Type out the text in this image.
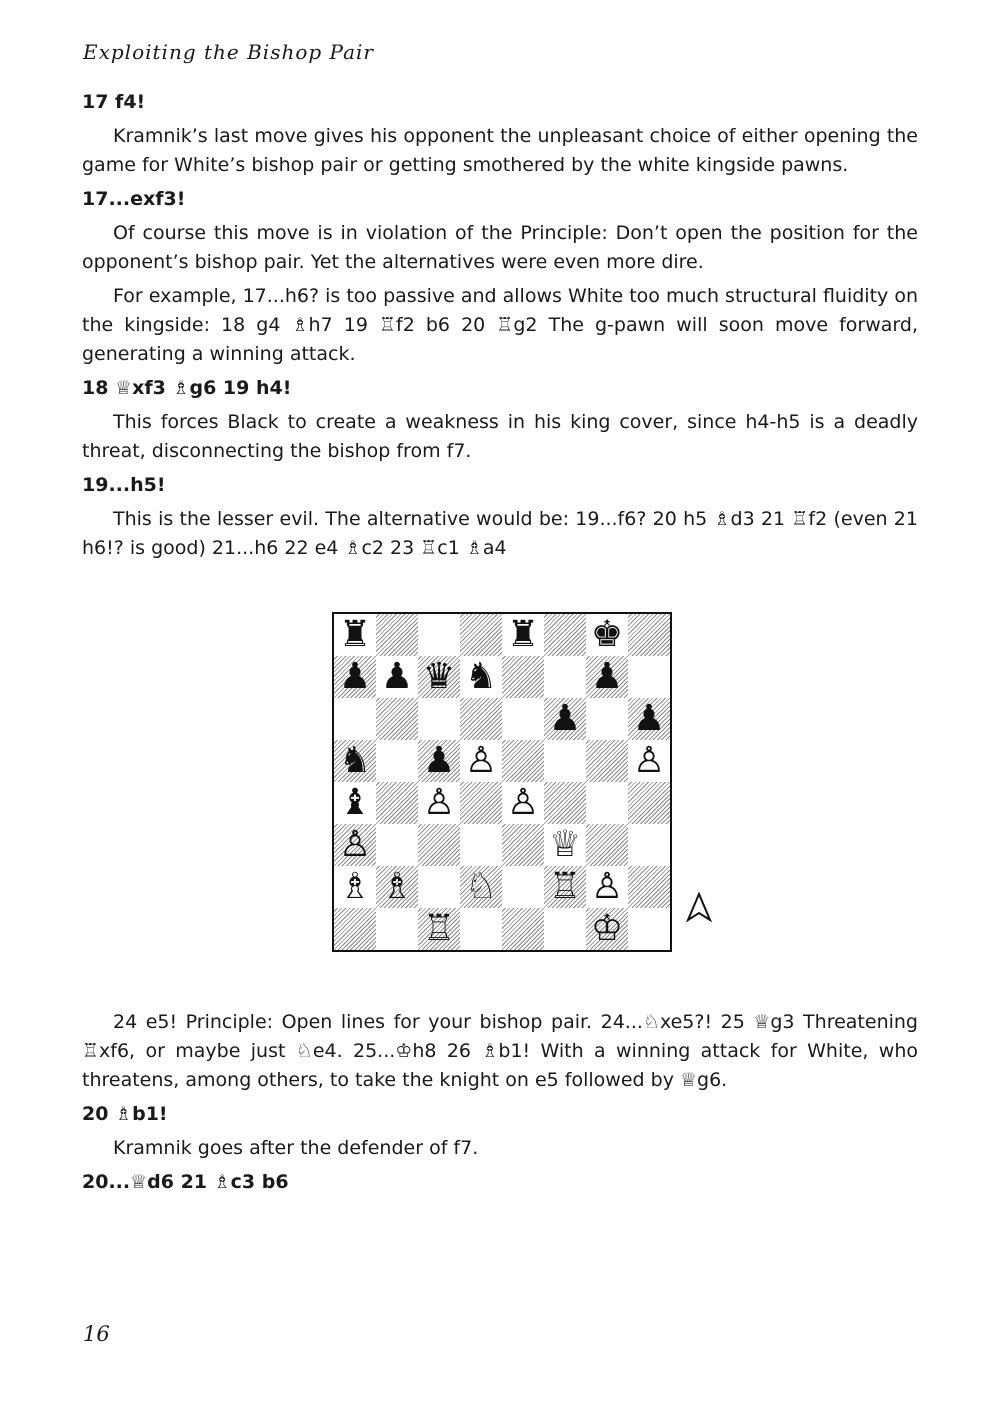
Exploiting the Bishop Pair
17 f4!
Kramnik’s last move gives his opponent the unpleasant choice of either opening the game for White’s bishop pair or getting smothered by the white kingside pawns.
17...exf3!
Of course this move is in violation of the Principle: Don’t open the position for the opponent’s bishop pair. Yet the alternatives were even more dire.
For example, 17...h6? is too passive and allows White too much structural fluidity on the kingside: 18 g4 ♗h7 19 ♖f2 b6 20 ♖g2 The g-pawn will soon move forward, generating a winning attack.
18 ♕xf3 ♗g6 19 h4!
This forces Black to create a weakness in his king cover, since h4-h5 is a deadly threat, disconnecting the bishop from f7.
19...h5!
This is the lesser evil. The alternative would be: 19...f6? 20 h5 ♗d3 21 ♖f2 (even 21 h6!? is good) 21...h6 22 e4 ♗c2 23 ♖c1 ♗a4
♜	♜ ♚
♟ ♟ ♛ ♞	♟
♟ ♟
♞ ♟ ♙	♙
♝ ♙ ♙
♙	♕
♗ ♗ ♘ ♖ ♙
♖	♔
24 e5! Principle: Open lines for your bishop pair. 24...♘xe5?! 25 ♕g3 Threatening ♖xf6, or maybe just ♘e4. 25...♔h8 26 ♗b1! With a winning attack for White, who threatens, among others, to take the knight on e5 followed by ♕g6.
20 ♗b1!
Kramnik goes after the defender of f7.
20...♕d6 21 ♗c3 b6
16
